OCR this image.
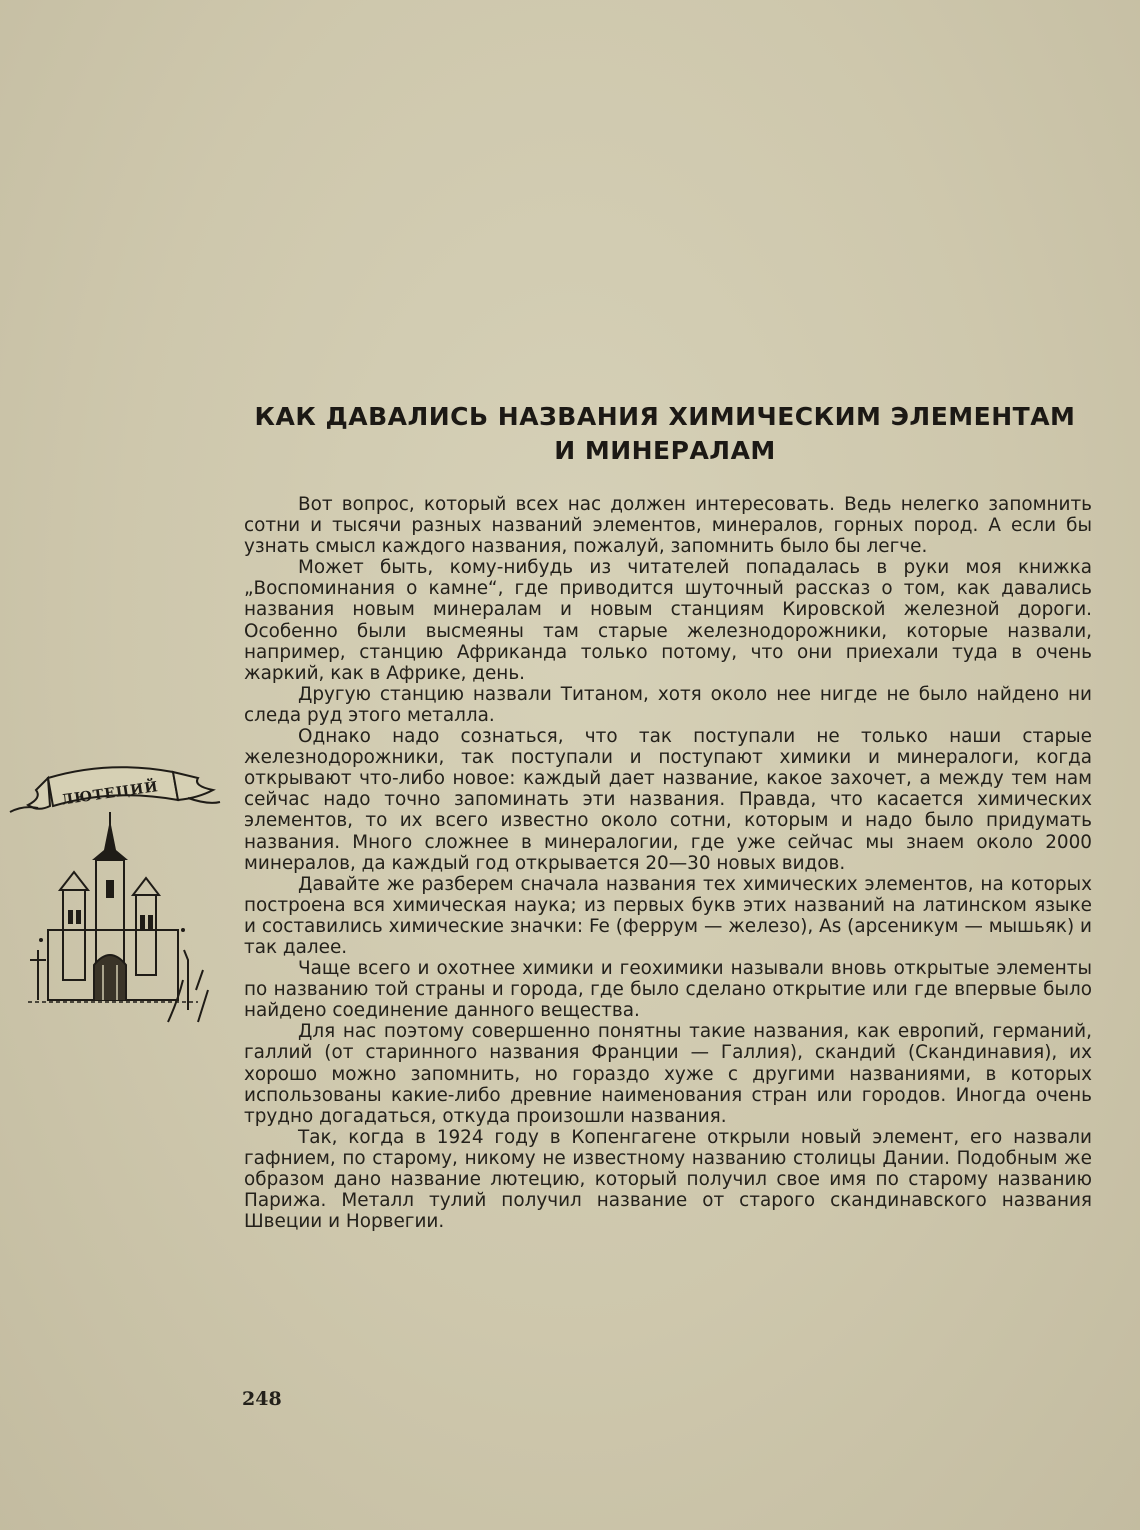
КАК ДАВАЛИСЬ НАЗВАНИЯ ХИМИЧЕСКИМ ЭЛЕМЕНТАМ
И МИНЕРАЛАМ
ЛЮТЕЦИЙ

Вот вопрос, который всех нас должен интересовать. Ведь нелегко запомнить сотни и тысячи разных названий элементов, минералов, горных пород. А если бы узнать смысл каждого названия, пожалуй, запомнить было бы легче.

Может быть, кому-нибудь из читателей попадалась в руки моя книжка „Воспоминания о камне“, где приводится шуточный рассказ о том, как давались названия новым минералам и новым станциям Кировской железной дороги. Особенно были высмеяны там старые железнодорожники, которые назвали, например, станцию Африканда только потому, что они приехали туда в очень жаркий, как в Африке, день.

Другую станцию назвали Титаном, хотя около нее нигде не было найдено ни следа руд этого металла.

Однако надо сознаться, что так поступали не только наши старые железнодорожники, так поступали и поступают химики и минералоги, когда открывают что-либо новое: каждый дает название, какое захочет, а между тем нам сейчас надо точно запоминать эти названия. Правда, что касается химических элементов, то их всего известно около сотни, которым и надо было придумать названия. Много сложнее в минералогии, где уже сейчас мы знаем около 2000 минералов, да каждый год открывается 20—30 новых видов.

Давайте же разберем сначала названия тех химических элементов, на которых построена вся химическая наука; из первых букв этих названий на латинском языке и составились химические значки: Fe (феррум — железо), As (арсеникум — мышьяк) и так далее.

Чаще всего и охотнее химики и геохимики называли вновь открытые элементы по названию той страны и города, где было сделано открытие или где впервые было найдено соединение данного вещества.

Для нас поэтому совершенно понятны такие названия, как европий, германий, галлий (от старинного названия Франции — Галлия), скандий (Скандинавия), их хорошо можно запомнить, но гораздо хуже с другими названиями, в которых использованы какие-либо древние наименования стран или городов. Иногда очень трудно догадаться, откуда произошли названия.

Так, когда в 1924 году в Копенгагене открыли новый элемент, его назвали гафнием, по старому, никому не известному названию столицы Дании. Подобным же образом дано название лютецию, который получил свое имя по старому названию Парижа. Металл тулий получил название от старого скандинавского названия Швеции и Норвегии.

248
